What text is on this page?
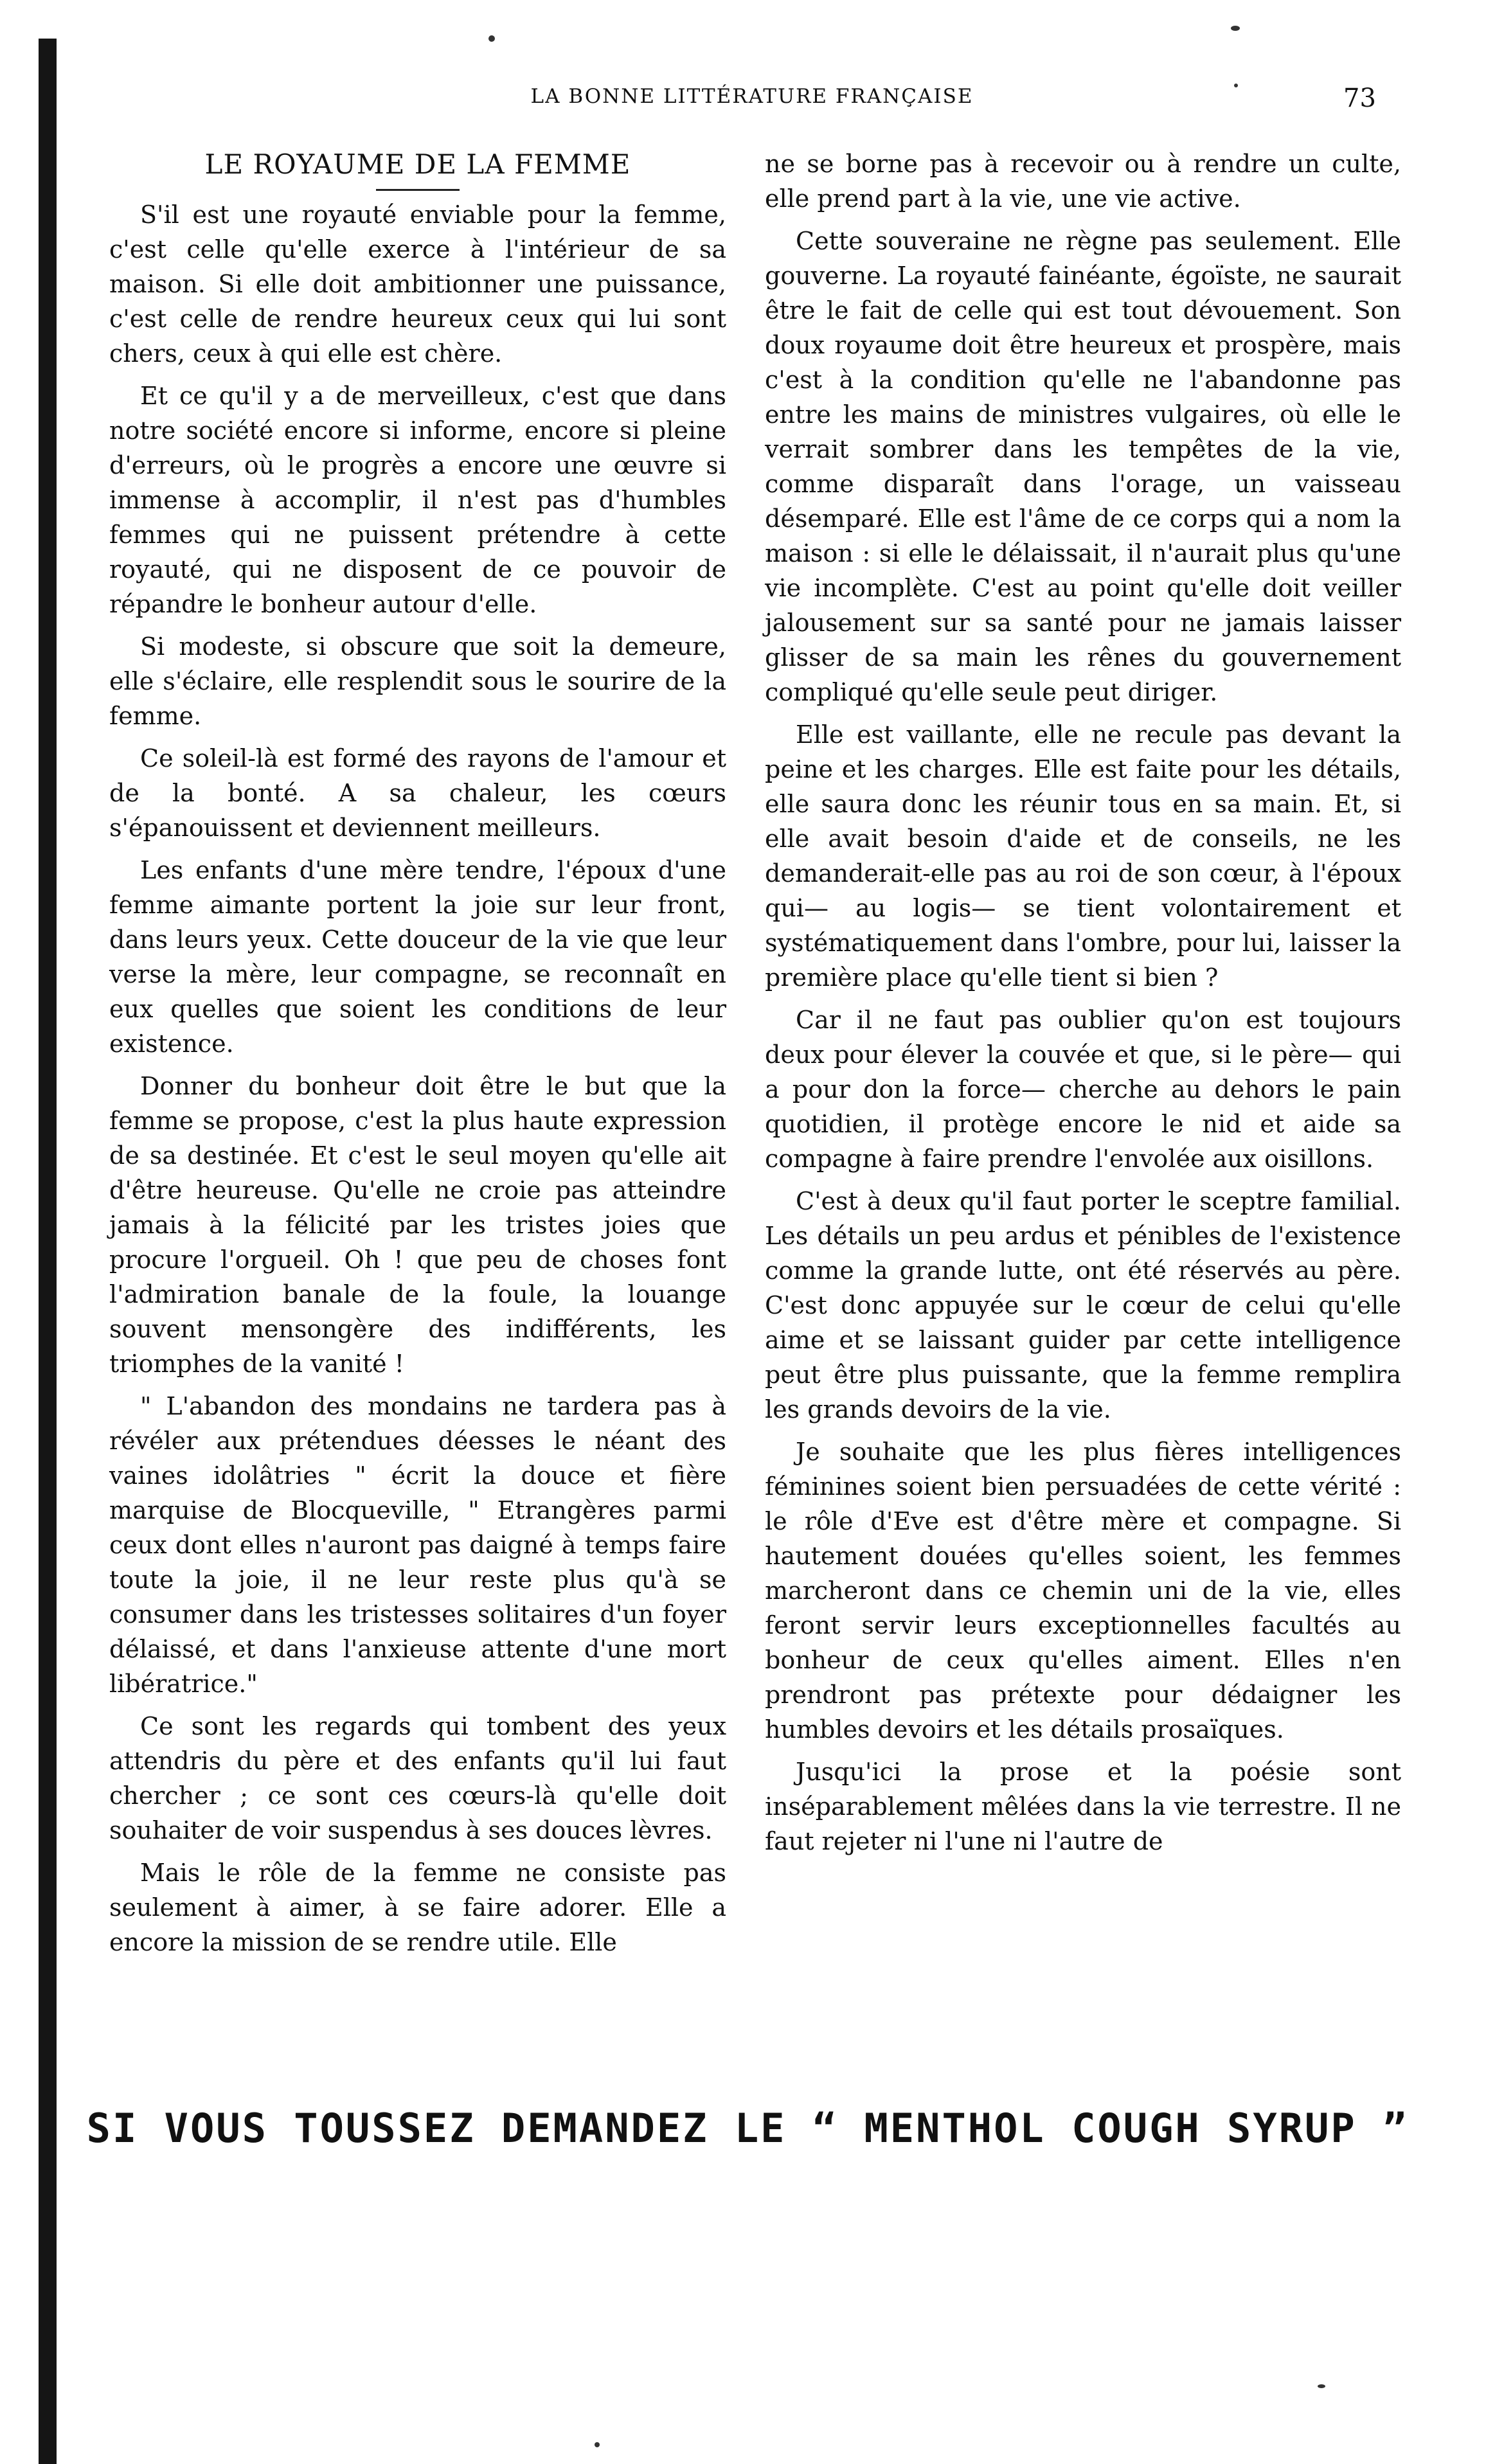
LA BONNE LITTÉRATURE FRANÇAISE	73
LE ROYAUME DE LA FEMME

S'il est une royauté enviable pour la femme, c'est celle qu'elle exerce à l'intérieur de sa maison. Si elle doit ambitionner une puissance, c'est celle de rendre heureux ceux qui lui sont chers, ceux à qui elle est chère.

Et ce qu'il y a de merveilleux, c'est que dans notre société encore si informe, encore si pleine d'erreurs, où le progrès a encore une œuvre si immense à accomplir, il n'est pas d'humbles femmes qui ne puissent prétendre à cette royauté, qui ne disposent de ce pouvoir de répandre le bonheur autour d'elle.

Si modeste, si obscure que soit la demeure, elle s'éclaire, elle resplendit sous le sourire de la femme.

Ce soleil-là est formé des rayons de l'amour et de la bonté. A sa chaleur, les cœurs s'épanouissent et deviennent meilleurs.

Les enfants d'une mère tendre, l'époux d'une femme aimante portent la joie sur leur front, dans leurs yeux. Cette douceur de la vie que leur verse la mère, leur compagne, se reconnaît en eux quelles que soient les conditions de leur existence.

Donner du bonheur doit être le but que la femme se propose, c'est la plus haute expression de sa destinée. Et c'est le seul moyen qu'elle ait d'être heureuse. Qu'elle ne croie pas atteindre jamais à la félicité par les tristes joies que procure l'orgueil. Oh ! que peu de choses font l'admiration banale de la foule, la louange souvent mensongère des indifférents, les triomphes de la vanité !

" L'abandon des mondains ne tardera pas à révéler aux prétendues déesses le néant des vaines idolâtries " écrit la douce et fière marquise de Blocqueville, " Etrangères parmi ceux dont elles n'auront pas daigné à temps faire toute la joie, il ne leur reste plus qu'à se consumer dans les tristesses solitaires d'un foyer délaissé, et dans l'anxieuse attente d'une mort libératrice."

Ce sont les regards qui tombent des yeux attendris du père et des enfants qu'il lui faut chercher ; ce sont ces cœurs-là qu'elle doit souhaiter de voir suspendus à ses douces lèvres.

Mais le rôle de la femme ne consiste pas seulement à aimer, à se faire adorer. Elle a encore la mission de se rendre utile. Elle

ne se borne pas à recevoir ou à rendre un culte, elle prend part à la vie, une vie active.

Cette souveraine ne règne pas seulement. Elle gouverne. La royauté fainéante, égoïste, ne saurait être le fait de celle qui est tout dévouement. Son doux royaume doit être heureux et prospère, mais c'est à la condition qu'elle ne l'abandonne pas entre les mains de ministres vulgaires, où elle le verrait sombrer dans les tempêtes de la vie, comme disparaît dans l'orage, un vaisseau désemparé. Elle est l'âme de ce corps qui a nom la maison : si elle le délaissait, il n'aurait plus qu'une vie incomplète. C'est au point qu'elle doit veiller jalousement sur sa santé pour ne jamais laisser glisser de sa main les rênes du gouvernement compliqué qu'elle seule peut diriger.

Elle est vaillante, elle ne recule pas devant la peine et les charges. Elle est faite pour les détails, elle saura donc les réunir tous en sa main. Et, si elle avait besoin d'aide et de conseils, ne les demanderait-elle pas au roi de son cœur, à l'époux qui— au logis— se tient volontairement et systématiquement dans l'ombre, pour lui, laisser la première place qu'elle tient si bien ?

Car il ne faut pas oublier qu'on est toujours deux pour élever la couvée et que, si le père— qui a pour don la force— cherche au dehors le pain quotidien, il protège encore le nid et aide sa compagne à faire prendre l'envolée aux oisillons.

C'est à deux qu'il faut porter le sceptre familial. Les détails un peu ardus et pénibles de l'existence comme la grande lutte, ont été réservés au père. C'est donc appuyée sur le cœur de celui qu'elle aime et se laissant guider par cette intelligence peut être plus puissante, que la femme remplira les grands devoirs de la vie.

Je souhaite que les plus fières intelligences féminines soient bien persuadées de cette vérité : le rôle d'Eve est d'être mère et compagne. Si hautement douées qu'elles soient, les femmes marcheront dans ce chemin uni de la vie, elles feront servir leurs exceptionnelles facultés au bonheur de ceux qu'elles aiment. Elles n'en prendront pas prétexte pour dédaigner les humbles devoirs et les détails prosaïques.

Jusqu'ici la prose et la poésie sont inséparablement mêlées dans la vie terrestre. Il ne faut rejeter ni l'une ni l'autre de

SI VOUS TOUSSEZ DEMANDEZ LE “ MENTHOL COUGH SYRUP ”
